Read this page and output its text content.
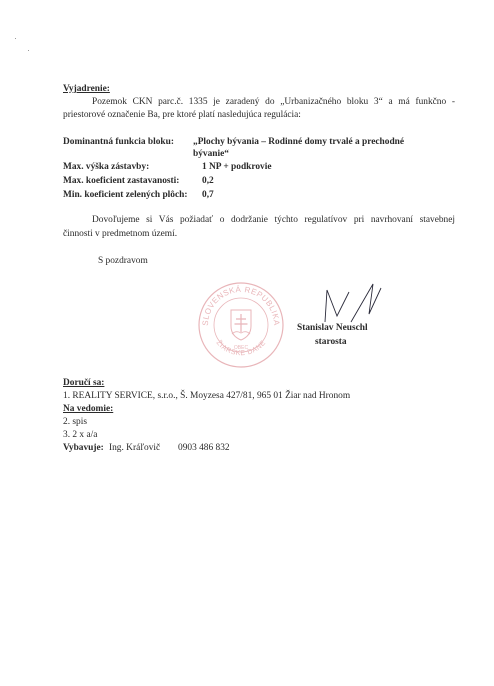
Vyjadrenie:
Pozemok CKN parc.č. 1335 je zaradený do „Urbanizačného bloku 3“ a má funkčno -
priestorové označenie Ba, pre ktoré platí nasledujúca regulácia:
Dominantná funkcia bloku: „Plochy bývania – Rodinné domy trvalé a prechodné
bývanie“
Max. výška zástavby:	1 NP + podkrovie
Max. koeficient zastavanosti: 0,2
Min. koeficient zelených plôch: 0,7
Dovoľujeme si Vás požiadať o dodržanie týchto regulatívov pri navrhovaní stavebnej
činnosti v predmetnom území.
S pozdravom
SLOVENSKÁ REPUBLIKA
ŽIARSKE DANE
OBEC
Stanislav Neuschl
starosta
Doručí sa:
1. REALITY SERVICE, s.r.o., Š. Moyzesa 427/81, 965 01 Žiar nad Hronom
Na vedomie:
2. spis
3. 2 x a/a
Vybavuje: Ing. Kráľovič 0903 486 832
